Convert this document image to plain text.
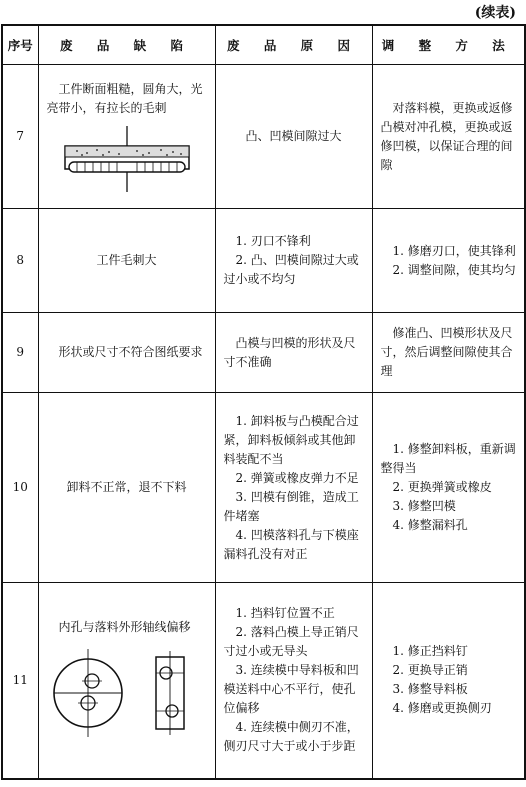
(续表)
序号	废 品 缺 陷	废 品 原 因	调 整 方 法
7	工件断面粗糙，圆角大，光亮带小，有拉长的毛刺	凸、凹模间隙过大	对落料模，更换或返修凸模对冲孔模，更换或返修凹模，以保证合理的间隙

8	工件毛刺大	1. 刃口不锋利
2. 凸、凹模间隙过大或过小或不均匀	1. 修磨刃口，使其锋利
2. 调整间隙，使其均匀

9	形状或尺寸不符合图纸要求	凸模与凹模的形状及尺寸不准确	修准凸、凹模形状及尺寸，然后调整间隙使其合理

10	卸料不正常，退不下料	1. 卸料板与凸模配合过紧，卸料板倾斜或其他卸料装配不当
2. 弹簧或橡皮弹力不足
3. 凹模有倒锥，造成工件堵塞
4. 凹模落料孔与下模座漏料孔没有对正	1. 修整卸料板，重新调整得当
2. 更换弹簧或橡皮
3. 修整凹模
4. 修整漏料孔

11	内孔与落料外形轴线偏移	1. 挡料钉位置不正
2. 落料凸模上导正销尺寸过小或无导头
3. 连续模中导料板和凹模送料中心不平行，使孔位偏移
4. 连续模中侧刃不准，侧刃尺寸大于或小于步距	1. 修正挡料钉
2. 更换导正销
3. 修整导料板
4. 修磨或更换侧刃
